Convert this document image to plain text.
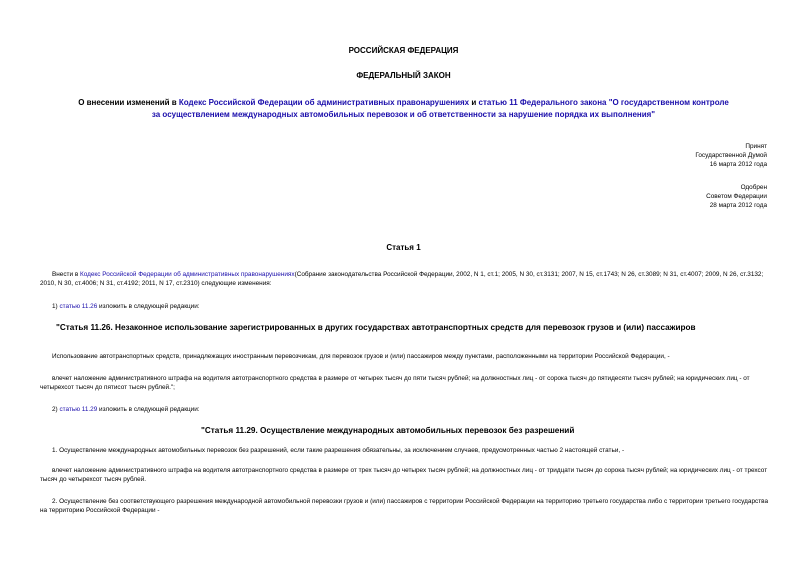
РОССИЙСКАЯ ФЕДЕРАЦИЯ
ФЕДЕРАЛЬНЫЙ ЗАКОН
О внесении изменений в Кодекс Российской Федерации об административных правонарушениях и статью 11 Федерального закона "О государственном контроле
за осуществлением международных автомобильных перевозок и об ответственности за нарушение порядка их выполнения"
Принят
Государственной Думой
16 марта 2012 года
Одобрен
Советом Федерации
28 марта 2012 года
Статья 1
Внести в Кодекс Российской Федерации об административных правонарушениях(Собрание законодательства Российской Федерации, 2002, N 1, ст.1; 2005, N 30, ст.3131; 2007, N 15, ст.1743; N 26, ст.3089; N 31, ст.4007; 2009, N 26, ст.3132; 2010, N 30, ст.4006; N 31, ст.4192; 2011, N 17, ст.2310) следующие изменения:
1) статью 11.26 изложить в следующей редакции:
"Статья 11.26. Незаконное использование зарегистрированных в других государствах автотранспортных средств для перевозок грузов и (или) пассажиров
Использование автотранспортных средств, принадлежащих иностранным перевозчикам, для перевозок грузов и (или) пассажиров между пунктами, расположенными на территории Российской Федерации, -
влечет наложение административного штрафа на водителя автотранспортного средства в размере от четырех тысяч до пяти тысяч рублей; на должностных лиц - от сорока тысяч до пятидесяти тысяч рублей; на юридических лиц - от четырехсот тысяч до пятисот тысяч рублей.";
2) статью 11.29 изложить в следующей редакции:
"Статья 11.29. Осуществление международных автомобильных перевозок без разрешений
1. Осуществление международных автомобильных перевозок без разрешений, если такие разрешения обязательны, за исключением случаев, предусмотренных частью 2 настоящей статьи, -
влечет наложение административного штрафа на водителя автотранспортного средства в размере от трех тысяч до четырех тысяч рублей; на должностных лиц - от тридцати тысяч до сорока тысяч рублей; на юридических лиц - от трехсот тысяч до четырехсот тысяч рублей.
2. Осуществление без соответствующего разрешения международной автомобильной перевозки грузов и (или) пассажиров с территории Российской Федерации на территорию третьего государства либо с территории третьего государства на территорию Российской Федерации -
